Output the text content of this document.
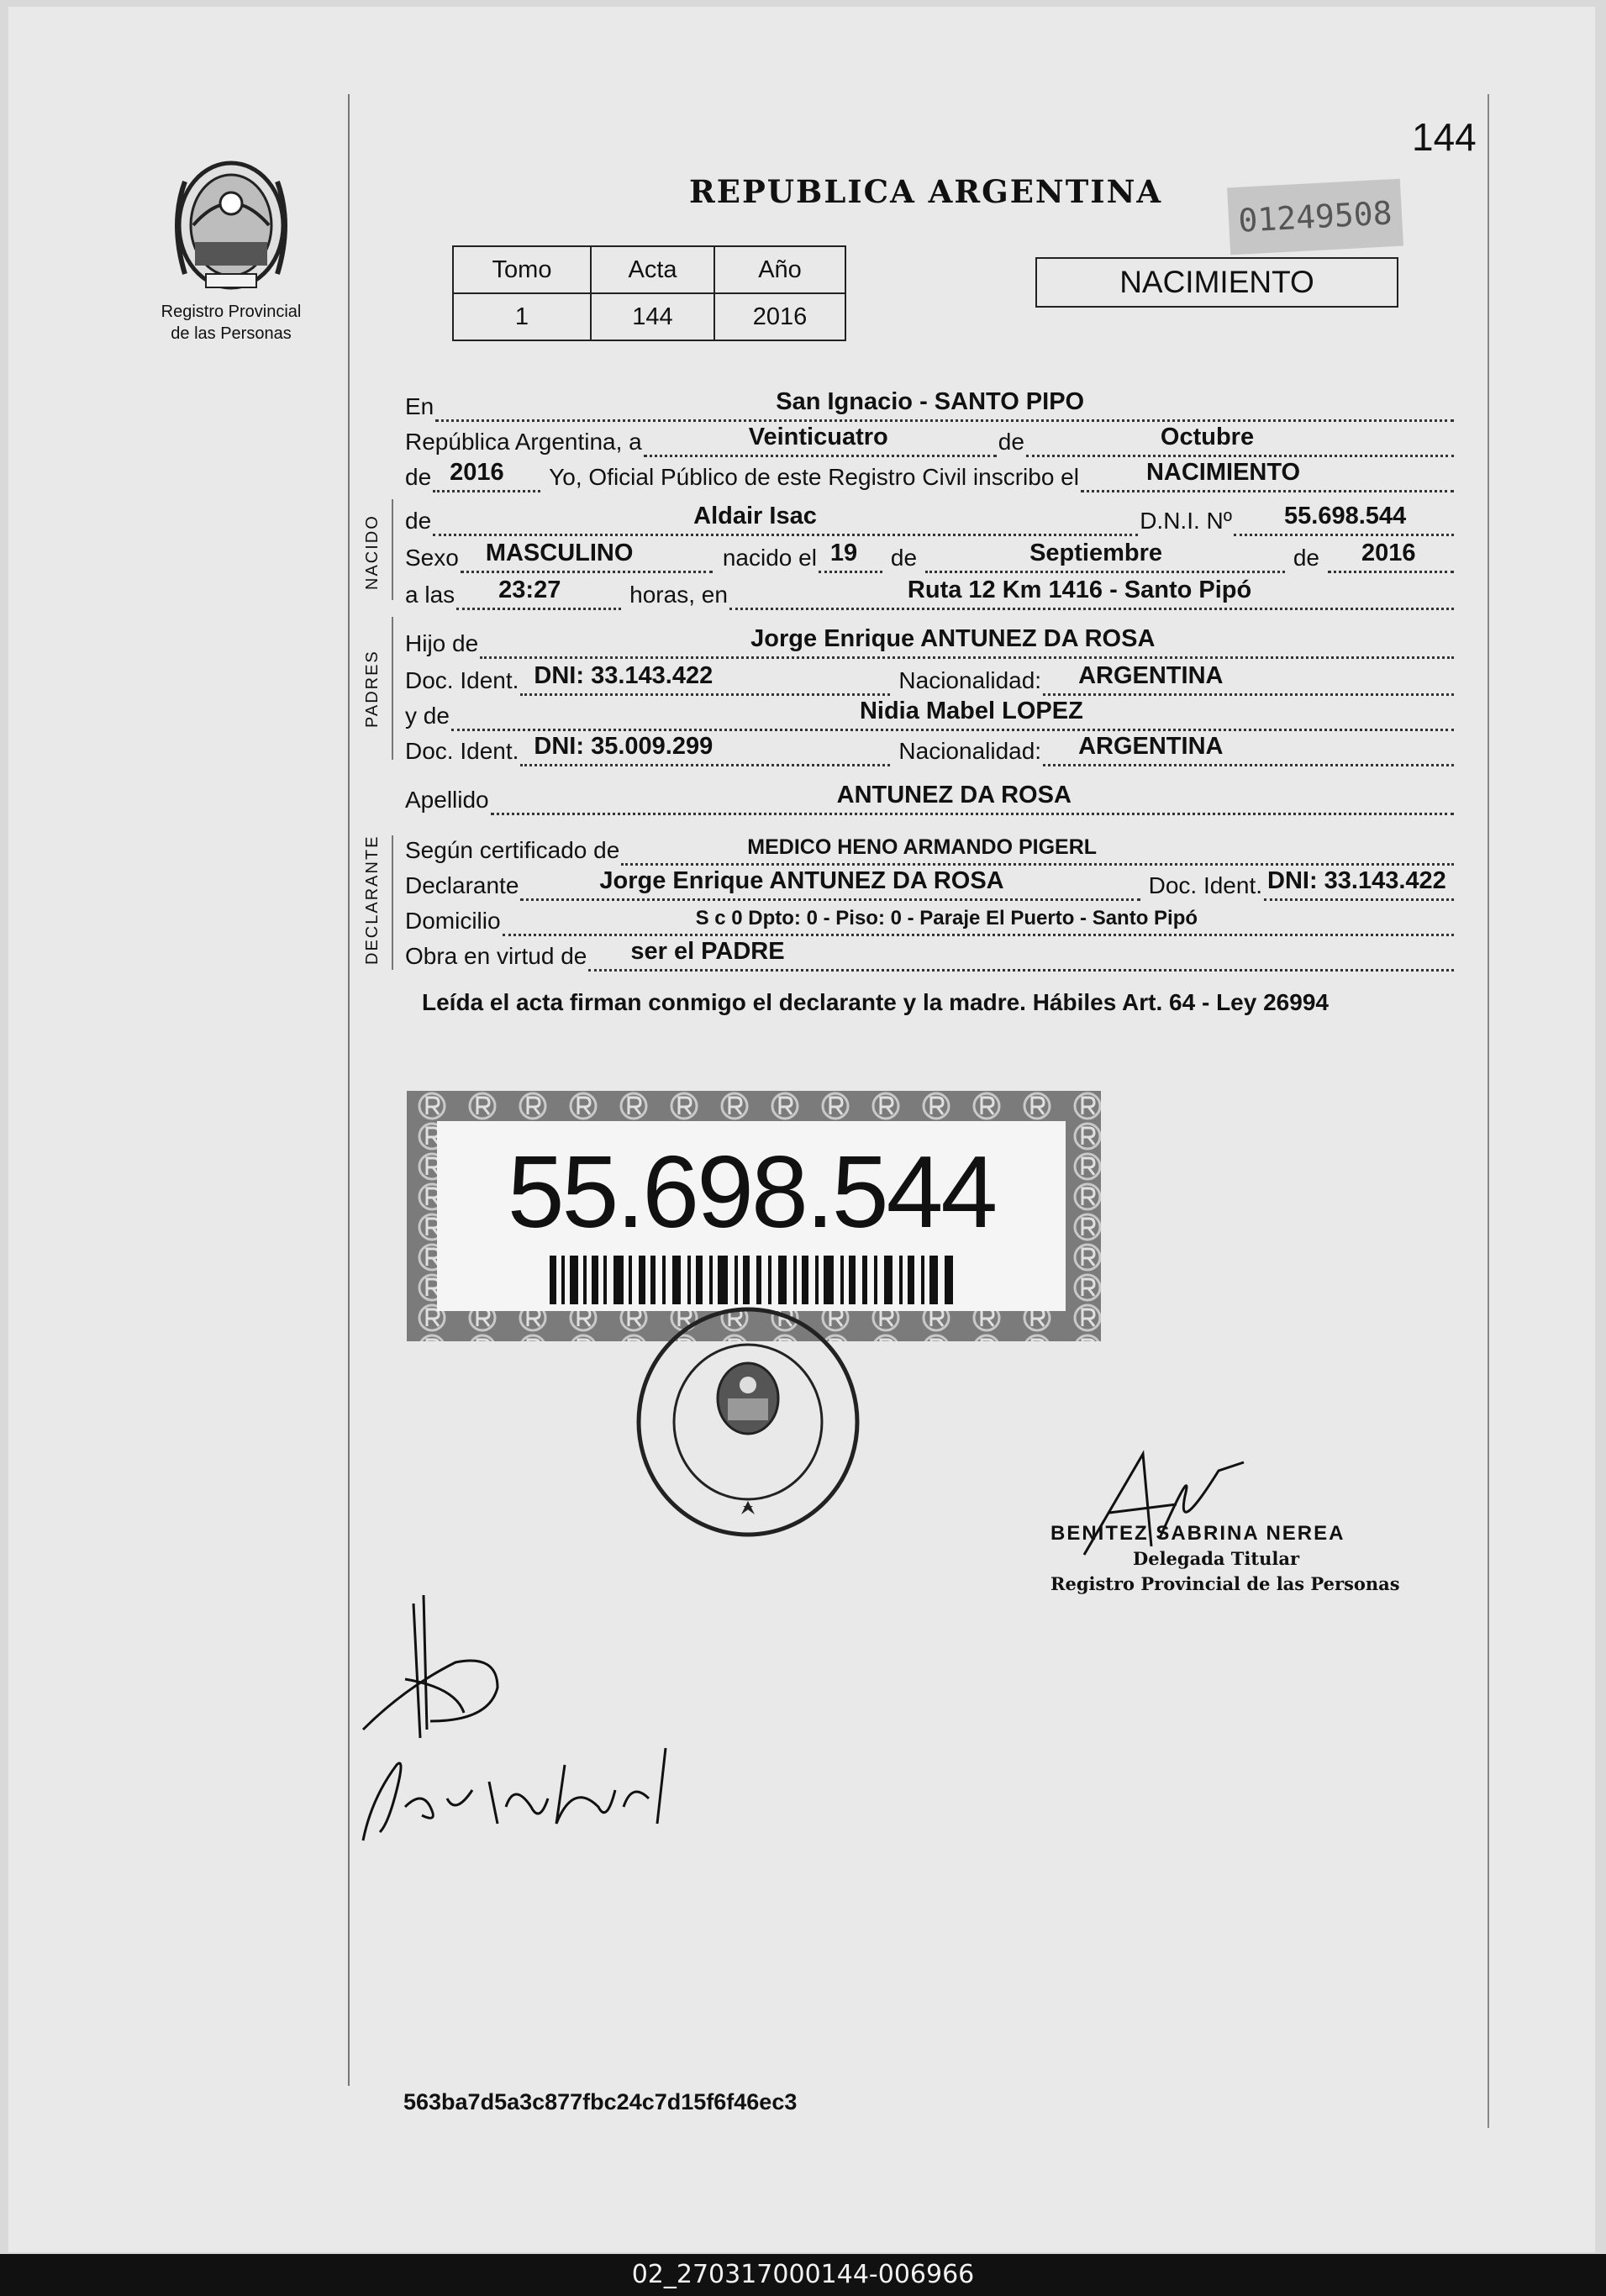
Registro Provincial
de las Personas
144
REPUBLICA ARGENTINA
01249508
Tomo	Acta	Año
1	144	2016
NACIMIENTO
NACIDO
PADRES
DECLARANTE
En	San Ignacio - SANTO PIPO
República Argentina, a	Veinticuatro	de	Octubre
de 2016 Yo, Oficial Público de este Registro Civil inscribo el	NACIMIENTO
de	Aldair Isac	D.N.I. Nº 55.698.544
Sexo MASCULINO	nacido el 19 de	Septiembre	de 2016
a las 23:27	horas, en	Ruta 12 Km 1416 - Santo Pipó
Hijo de	Jorge Enrique ANTUNEZ DA ROSA
Doc. Ident. DNI: 33.143.422	Nacionalidad: ARGENTINA
y de	Nidia Mabel LOPEZ
Doc. Ident. DNI: 35.009.299	Nacionalidad: ARGENTINA
Apellido	ANTUNEZ DA ROSA
Según certificado de	MEDICO HENO ARMANDO PIGERL
Declarante	Jorge Enrique ANTUNEZ DA ROSA	Doc. Ident. DNI: 33.143.422
Domicilio	S c 0 Dpto: 0 - Piso: 0 - Paraje El Puerto - Santo Pipó
Obra en virtud de ser el PADRE
Leída el acta firman conmigo el declarante y la madre. Hábiles Art. 64 - Ley 26994
55.698.544
BENITEZ SABRINA NEREA
Delegada Titular
Registro Provincial de las Personas
563ba7d5a3c877fbc24c7d15f6f46ec3
02_270317000144-006966
